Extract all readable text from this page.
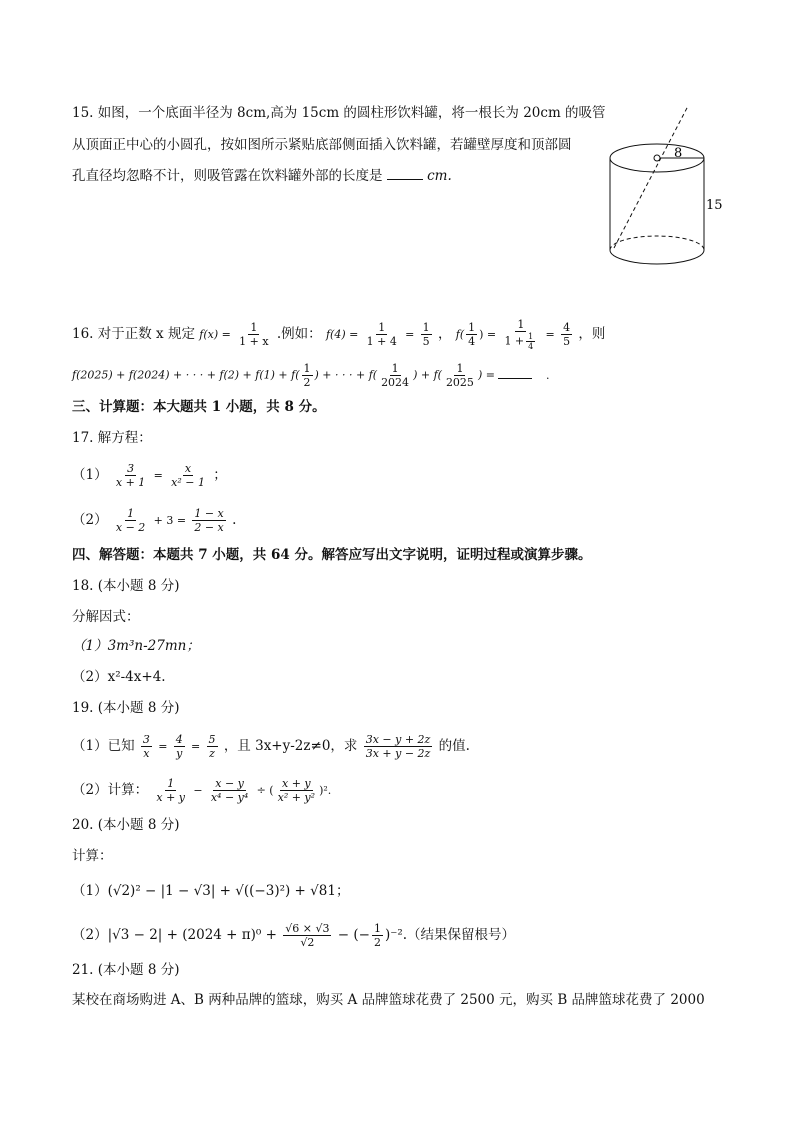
15. 如图，一个底面半径为 8cm,高为 15cm 的圆柱形饮料罐，将一根长为 20cm 的吸管
从顶面正中心的小圆孔，按如图所示紧贴底部侧面插入饮料罐，若罐壁厚度和顶部圆
孔直径均忽略不计，则吸管露在饮料罐外部的长度是	cm.
8
15
16. 对于正数 x 规定 $f(x) = \frac{1}{1 + x}$ .例如： $f(4) = \frac{1}{1 + 4} = \frac{1}{5}$ ， $f( \frac{1}{4}$ ) = $\frac{1}{1 + \frac{1}{4}} = \frac{4}{5}$ ，则
f(2025) + f(2024) + · · · + $f(2) + f(1) + f( \frac{1}{2}$ ) + · · · + $f( \frac{1}{2024}$ ) + $f( \frac{1}{2025}$ ) =	.
三、计算题：本大题共 1 小题，共 8 分。
17. 解方程：
$(1) \frac{3}{x + 1} = \frac{x}{\text{x² − 1}}$ ；
$(2) \frac{1}{x - 2} + 3 = \frac{1 - x}{2 - x}$ .
四、解答题：本题共 7 小题，共 64 分。解答应写出文字说明，证明过程或演算步骤。
18. (本小题 8 分)
分解因式：
（1）3m³n-27mn；
（2）x²-4x+4.
19. (本小题 8 分)
（1）已知 $\frac{3}{x} = \frac{4}{y} = \frac{5}{z}$ ，且 3x+y-2z≠0，求 $\frac{3x - y + 2z}{3x + y - 2z}$ 的值.
（2）计算： $\frac{1}{x + y} - \frac{x - y}{\text{x⁴ − y⁴}}$ ÷ ( $\frac{x + y}{\text{x² + y²}} )^2$.
20. (本小题 8 分)
计算：
（1）(√2)² − |1 − √3| + √((−3)²) + √81；
$(2)|√3 - 2| + (2024 + \pi)^0 + \frac{√6 \times √3}{√2}$ − (− $\frac{1}{2} )^{-2}$.（结果保留根号）
21. (本小题 8 分)
某校在商场购进 A、B 两种品牌的篮球，购买 A 品牌篮球花费了 2500 元，购买 B 品牌篮球花费了 2000
